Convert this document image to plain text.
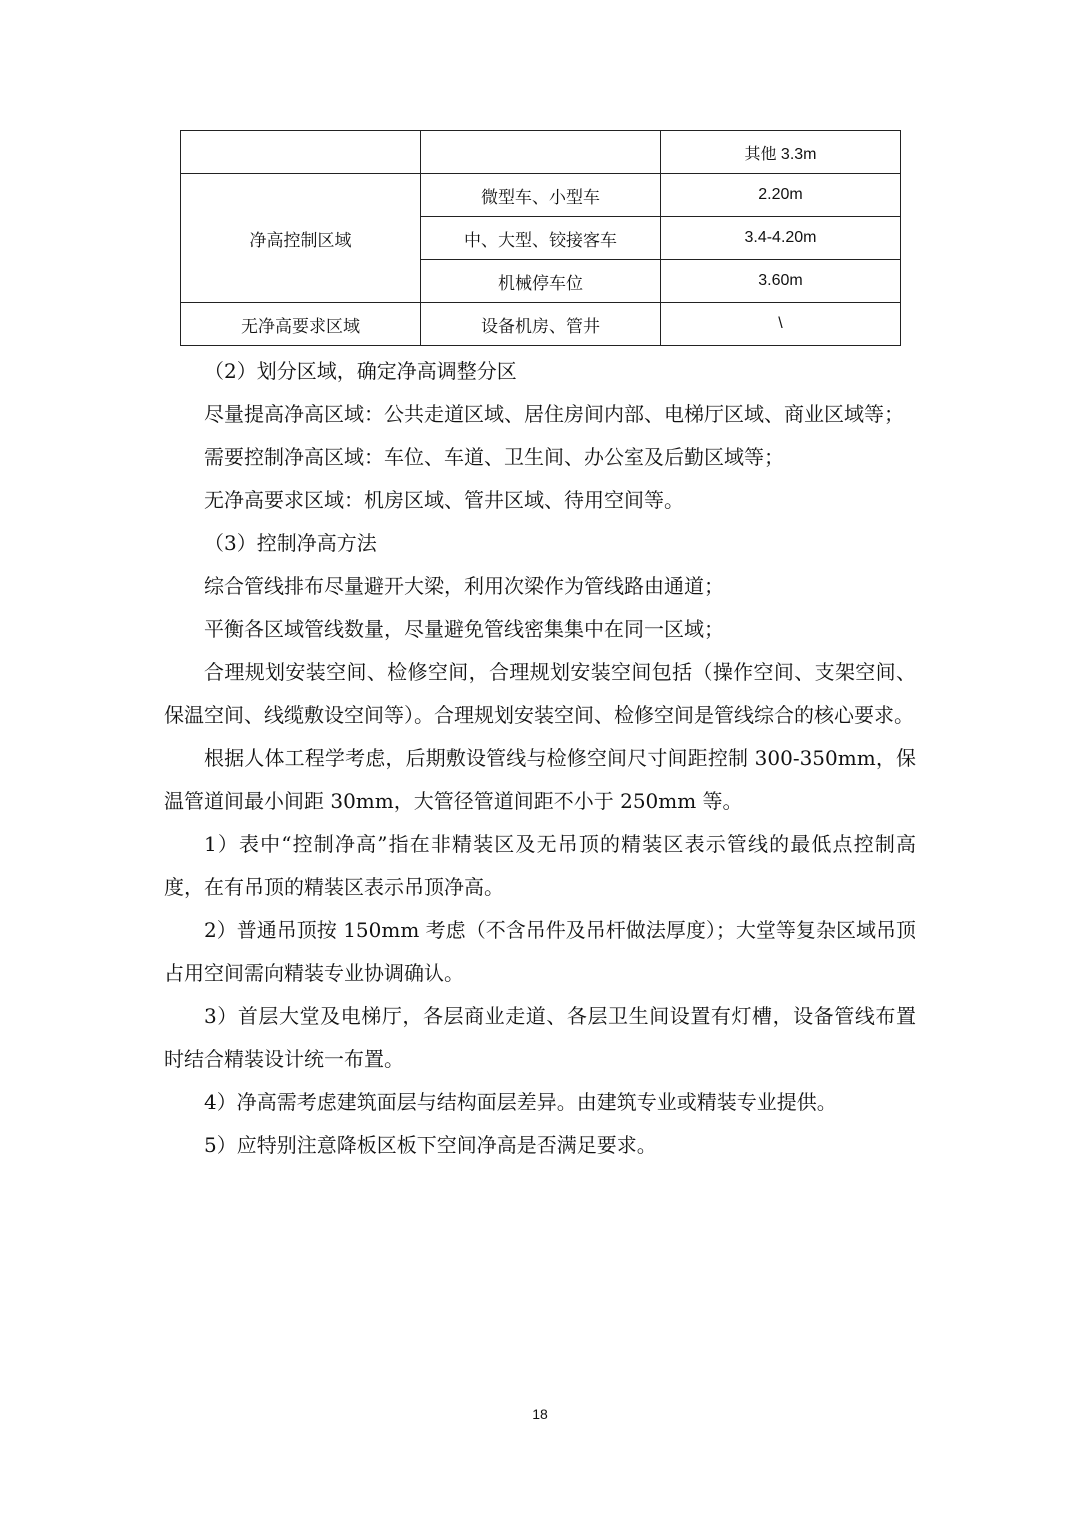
		其他 3.3m
净高控制区域	微型车、小型车	2.20m
	中、大型、铰接客车	3.4-4.20m
	机械停车位	3.60m
无净高要求区域	设备机房、管井	\

（2）划分区域，确定净高调整分区

尽量提高净高区域：公共走道区域、居住房间内部、电梯厅区域、商业区域等；

需要控制净高区域：车位、车道、卫生间、办公室及后勤区域等；

无净高要求区域：机房区域、管井区域、待用空间等。

（3）控制净高方法

综合管线排布尽量避开大梁，利用次梁作为管线路由通道；

平衡各区域管线数量，尽量避免管线密集集中在同一区域；

合理规划安装空间、检修空间，合理规划安装空间包括（操作空间、支架空间、保温空间、线缆敷设空间等）。合理规划安装空间、检修空间是管线综合的核心要求。

根据人体工程学考虑，后期敷设管线与检修空间尺寸间距控制 300-350mm，保温管道间最小间距 30mm，大管径管道间距不小于 250mm 等。

1）表中“控制净高”指在非精装区及无吊顶的精装区表示管线的最低点控制高度，在有吊顶的精装区表示吊顶净高。

2）普通吊顶按 150mm 考虑（不含吊件及吊杆做法厚度）；大堂等复杂区域吊顶占用空间需向精装专业协调确认。

3）首层大堂及电梯厅，各层商业走道、各层卫生间设置有灯槽，设备管线布置时结合精装设计统一布置。

4）净高需考虑建筑面层与结构面层差异。由建筑专业或精装专业提供。

5）应特别注意降板区板下空间净高是否满足要求。

18
